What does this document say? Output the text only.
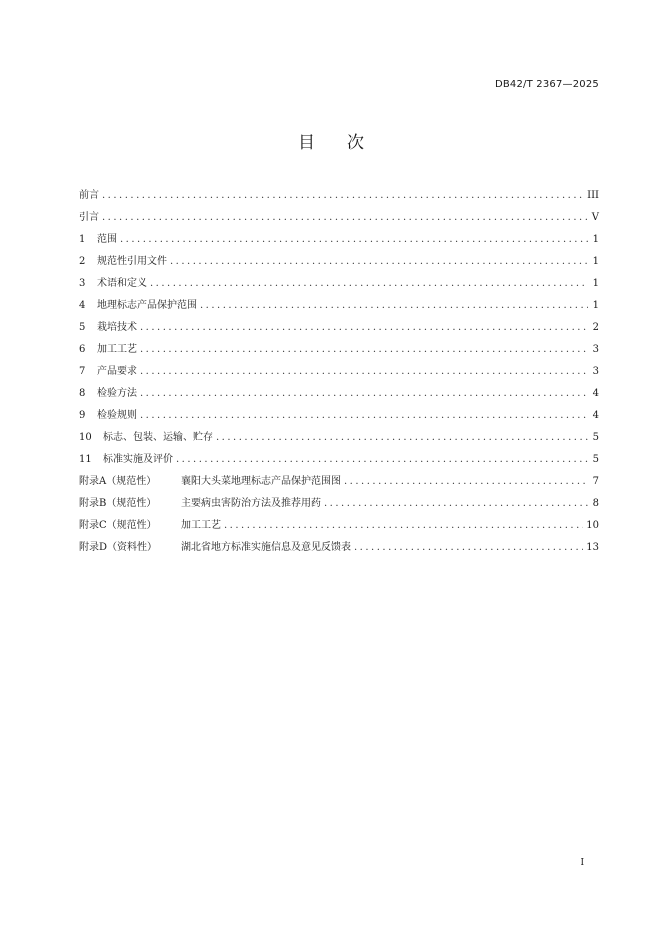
DB42/T 2367—2025
目 次
前言 .....	III
引言 .....	V
1	范围 .....	1
2	规范性引用文件 .....	1
3	术语和定义 .....	1
4	地理标志产品保护范围 .....	1
5	栽培技术 .....	2
6	加工工艺 .....	3
7	产品要求 .....	3
8	检验方法 .....	4
9	检验规则 .....	4
10	标志、包装、运输、贮存 .....	5
11	标准实施及评价 .....	5
附录A（规范性）	襄阳大头菜地理标志产品保护范围图 .....	7
附录B（规范性）	主要病虫害防治方法及推荐用药 .....	8
附录C（规范性）	加工工艺 .....	10
附录D（资料性）	湖北省地方标准实施信息及意见反馈表 .....	13
I
